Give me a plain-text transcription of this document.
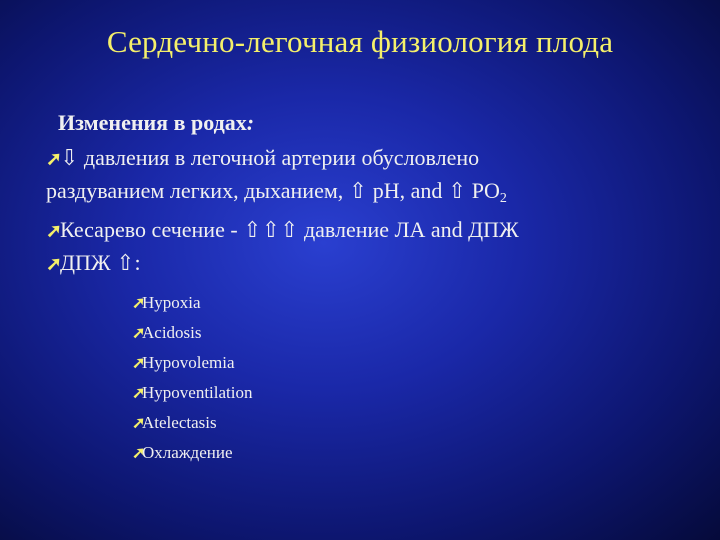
Сердечно-легочная физиология плода
Изменения в родах:
➚⇩ давления в легочной артерии обусловлено
раздуванием легких, дыханием, ⇧ pH, and ⇧ $PO_2$
➚Кесарево сечение - ⇧⇧⇧ давление ЛА and ДПЖ
➚ДПЖ ⇧:
➚Hypoxia
➚Acidosis
➚Hypovolemia
➚Hypoventilation
➚Atelectasis
➚Охлаждение
